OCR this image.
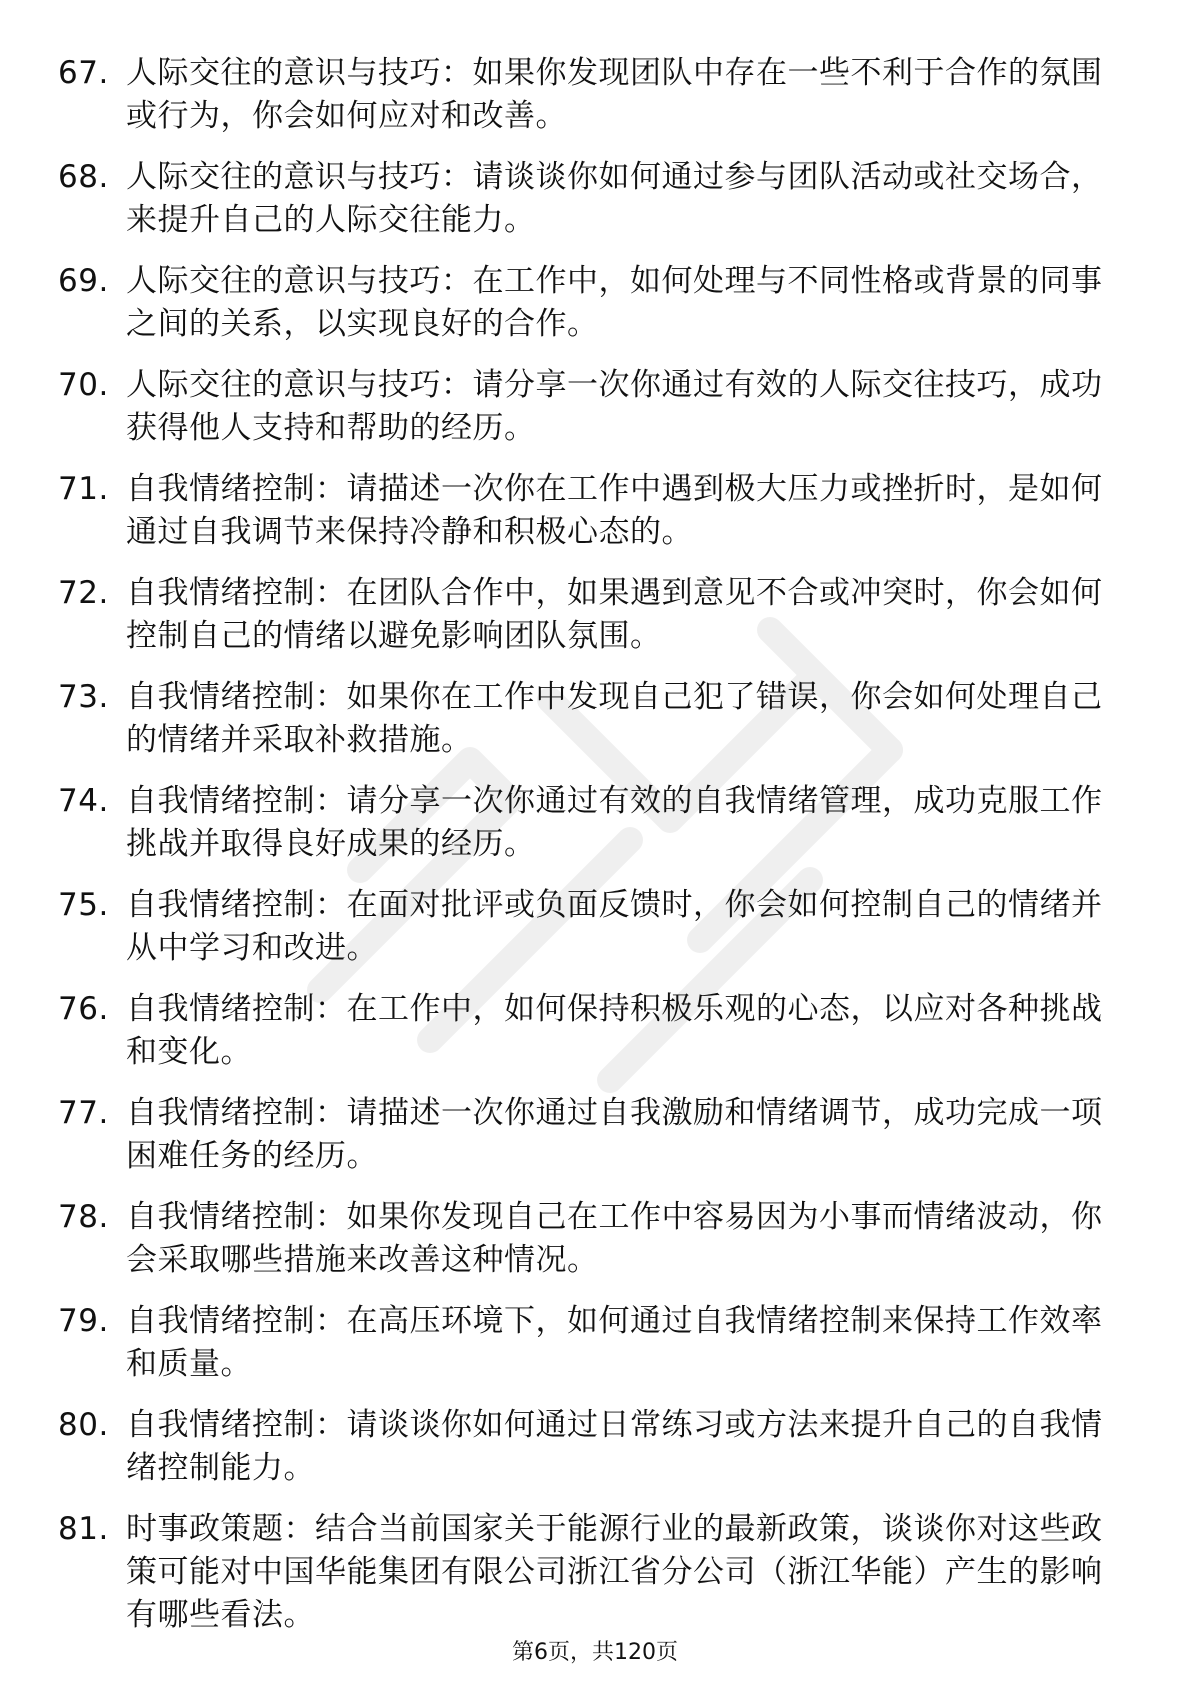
67. 人际交往的意识与技巧：如果你发现团队中存在一些不利于合作的氛围或行为，你会如何应对和改善。
68. 人际交往的意识与技巧：请谈谈你如何通过参与团队活动或社交场合，来提升自己的人际交往能力。
69. 人际交往的意识与技巧：在工作中，如何处理与不同性格或背景的同事之间的关系，以实现良好的合作。
70. 人际交往的意识与技巧：请分享一次你通过有效的人际交往技巧，成功获得他人支持和帮助的经历。
71. 自我情绪控制：请描述一次你在工作中遇到极大压力或挫折时，是如何通过自我调节来保持冷静和积极心态的。
72. 自我情绪控制：在团队合作中，如果遇到意见不合或冲突时，你会如何控制自己的情绪以避免影响团队氛围。
73. 自我情绪控制：如果你在工作中发现自己犯了错误，你会如何处理自己的情绪并采取补救措施。
74. 自我情绪控制：请分享一次你通过有效的自我情绪管理，成功克服工作挑战并取得良好成果的经历。
75. 自我情绪控制：在面对批评或负面反馈时，你会如何控制自己的情绪并从中学习和改进。
76. 自我情绪控制：在工作中，如何保持积极乐观的心态，以应对各种挑战和变化。
77. 自我情绪控制：请描述一次你通过自我激励和情绪调节，成功完成一项困难任务的经历。
78. 自我情绪控制：如果你发现自己在工作中容易因为小事而情绪波动，你会采取哪些措施来改善这种情况。
79. 自我情绪控制：在高压环境下，如何通过自我情绪控制来保持工作效率和质量。
80. 自我情绪控制：请谈谈你如何通过日常练习或方法来提升自己的自我情绪控制能力。
81. 时事政策题：结合当前国家关于能源行业的最新政策，谈谈你对这些政策可能对中国华能集团有限公司浙江省分公司（浙江华能）产生的影响有哪些看法。
第6页，共120页
